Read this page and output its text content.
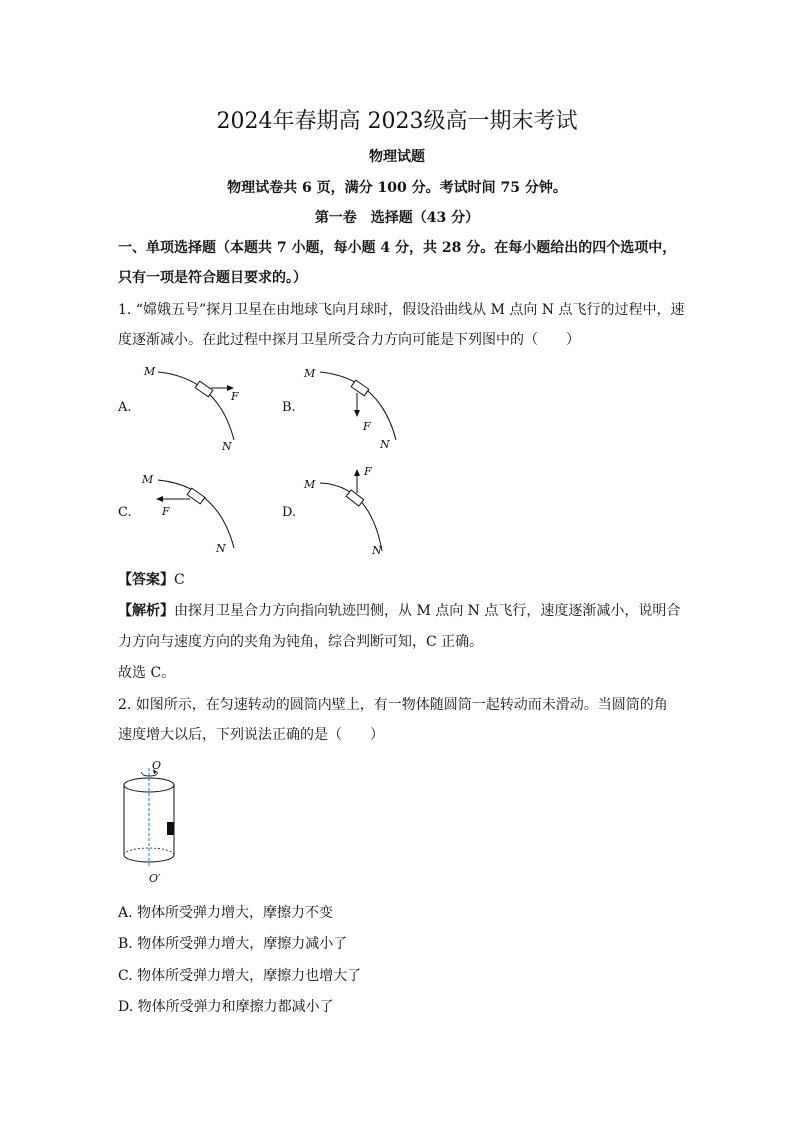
2024年春期高 2023级高一期末考试
物理试题
物理试卷共 6 页，满分 100 分。考试时间 75 分钟。
第一卷　选择题（43 分）
一、单项选择题（本题共 7 小题，每小题 4 分，共 28 分。在每小题给出的四个选项中，
只有一项是符合题目要求的。）
1. “嫦娥五号”探月卫星在由地球飞向月球时，假设沿曲线从 M 点向 N 点飞行的过程中，速
度逐渐减小。在此过程中探月卫星所受合力方向可能是下列图中的（　　）
A.
M
F
N
B.
M
F
N
C.
M
F
N
D.
M
F
N
【答案】C
【解析】由探月卫星合力方向指向轨迹凹侧，从 M 点向 N 点飞行，速度逐渐减小，说明合
力方向与速度方向的夹角为钝角，综合判断可知，C 正确。
故选 C。
2. 如图所示，在匀速转动的圆筒内壁上，有一物体随圆筒一起转动而未滑动。当圆筒的角
速度增大以后，下列说法正确的是（　　）
O
O′
A. 物体所受弹力增大，摩擦力不变
B. 物体所受弹力增大，摩擦力减小了
C. 物体所受弹力增大，摩擦力也增大了
D. 物体所受弹力和摩擦力都减小了
